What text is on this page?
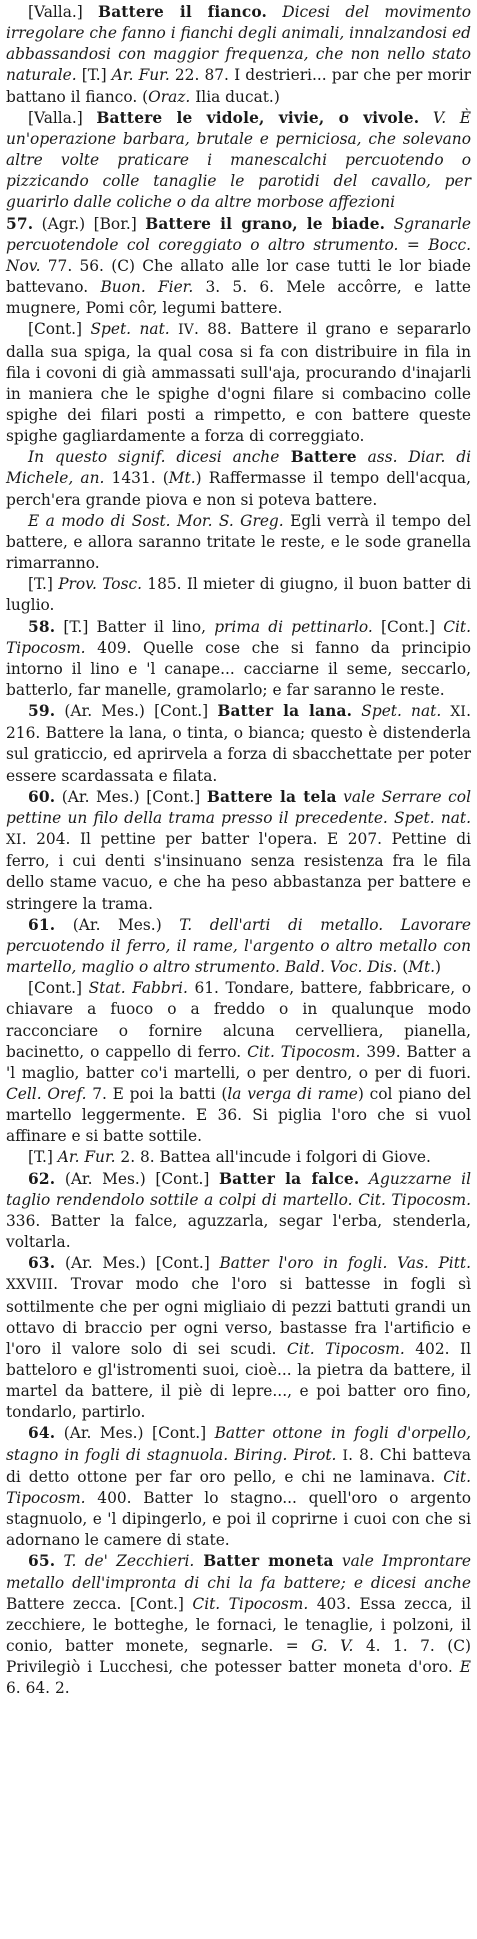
[Valla.] Battere il fianco. Dicesi del movimento irregolare che fanno i fianchi degli animali, innalzandosi ed abbassandosi con maggior frequenza, che non nello stato naturale. [T.] Ar. Fur. 22. 87. I destrieri... par che per morir battano il fianco. (Oraz. Ilia ducat.)

[Valla.] Battere le vidole, vivie, o vivole. V. È un'operazione barbara, brutale e perniciosa, che solevano altre volte praticare i manescalchi percuotendo o pizzicando colle tanaglie le parotidi del cavallo, per guarirlo dalle coliche o da altre morbose affezioni

57. (Agr.) [Bor.] Battere il grano, le biade. Sgranarle percuotendole col coreggiato o altro strumento. = Bocc. Nov. 77. 56. (C) Che allato alle lor case tutti le lor biade battevano. Buon. Fier. 3. 5. 6. Mele accôrre, e latte mugnere, Pomi côr, legumi battere.

[Cont.] Spet. nat. IV. 88. Battere il grano e separarlo dalla sua spiga, la qual cosa si fa con distribuire in fila in fila i covoni di già ammassati sull'aja, procurando d'inajarli in maniera che le spighe d'ogni filare si combacino colle spighe dei filari posti a rimpetto, e con battere queste spighe gagliardamente a forza di correggiato.

In questo signif. dicesi anche Battere ass. Diar. di Michele, an. 1431. (Mt.) Raffermasse il tempo dell'acqua, perch'era grande piova e non si poteva battere.

E a modo di Sost. Mor. S. Greg. Egli verrà il tempo del battere, e allora saranno tritate le reste, e le sode granella rimarranno.

[T.] Prov. Tosc. 185. Il mieter di giugno, il buon batter di luglio.

58. [T.] Batter il lino, prima di pettinarlo. [Cont.] Cit. Tipocosm. 409. Quelle cose che si fanno da principio intorno il lino e 'l canape... cacciarne il seme, seccarlo, batterlo, far manelle, gramolarlo; e far saranno le reste.

59. (Ar. Mes.) [Cont.] Batter la lana. Spet. nat. XI. 216. Battere la lana, o tinta, o bianca; questo è distenderla sul graticcio, ed aprirvela a forza di sbacchettate per poter essere scardassata e filata.

60. (Ar. Mes.) [Cont.] Battere la tela vale Serrare col pettine un filo della trama presso il precedente. Spet. nat. XI. 204. Il pettine per batter l'opera. E 207. Pettine di ferro, i cui denti s'insinuano senza resistenza fra le fila dello stame vacuo, e che ha peso abbastanza per battere e stringere la trama.

61. (Ar. Mes.) T. dell'arti di metallo. Lavorare percuotendo il ferro, il rame, l'argento o altro metallo con martello, maglio o altro strumento. Bald. Voc. Dis. (Mt.)

[Cont.] Stat. Fabbri. 61. Tondare, battere, fabbricare, o chiavare a fuoco o a freddo o in qualunque modo racconciare o fornire alcuna cervelliera, pianella, bacinetto, o cappello di ferro. Cit. Tipocosm. 399. Batter a 'l maglio, batter co'i martelli, o per dentro, o per di fuori. Cell. Oref. 7. E poi la batti (la verga di rame) col piano del martello leggermente. E 36. Si piglia l'oro che si vuol affinare e si batte sottile.

[T.] Ar. Fur. 2. 8. Battea all'incude i folgori di Giove.

62. (Ar. Mes.) [Cont.] Batter la falce. Aguzzarne il taglio rendendolo sottile a colpi di martello. Cit. Tipocosm. 336. Batter la falce, aguzzarla, segar l'erba, stenderla, voltarla.

63. (Ar. Mes.) [Cont.] Batter l'oro in fogli. Vas. Pitt. XXVIII. Trovar modo che l'oro si battesse in fogli sì sottilmente che per ogni migliaio di pezzi battuti grandi un ottavo di braccio per ogni verso, bastasse fra l'artificio e l'oro il valore solo di sei scudi. Cit. Tipocosm. 402. Il batteloro e gl'istromenti suoi, cioè... la pietra da battere, il martel da battere, il piè di lepre..., e poi batter oro fino, tondarlo, partirlo.

64. (Ar. Mes.) [Cont.] Batter ottone in fogli d'orpello, stagno in fogli di stagnuola. Biring. Pirot. I. 8. Chi batteva di detto ottone per far oro pello, e chi ne laminava. Cit. Tipocosm. 400. Batter lo stagno... quell'oro o argento stagnuolo, e 'l dipingerlo, e poi il coprirne i cuoi con che si adornano le camere di state.

65. T. de' Zecchieri. Batter moneta vale Improntare metallo dell'impronta di chi la fa battere; e dicesi anche Battere zecca. [Cont.] Cit. Tipocosm. 403. Essa zecca, il zecchiere, le botteghe, le fornaci, le tenaglie, i polzoni, il conio, batter monete, segnarle. = G. V. 4. 1. 7. (C) Privilegiò i Lucchesi, che potesser batter moneta d'oro. E 6. 64. 2.
